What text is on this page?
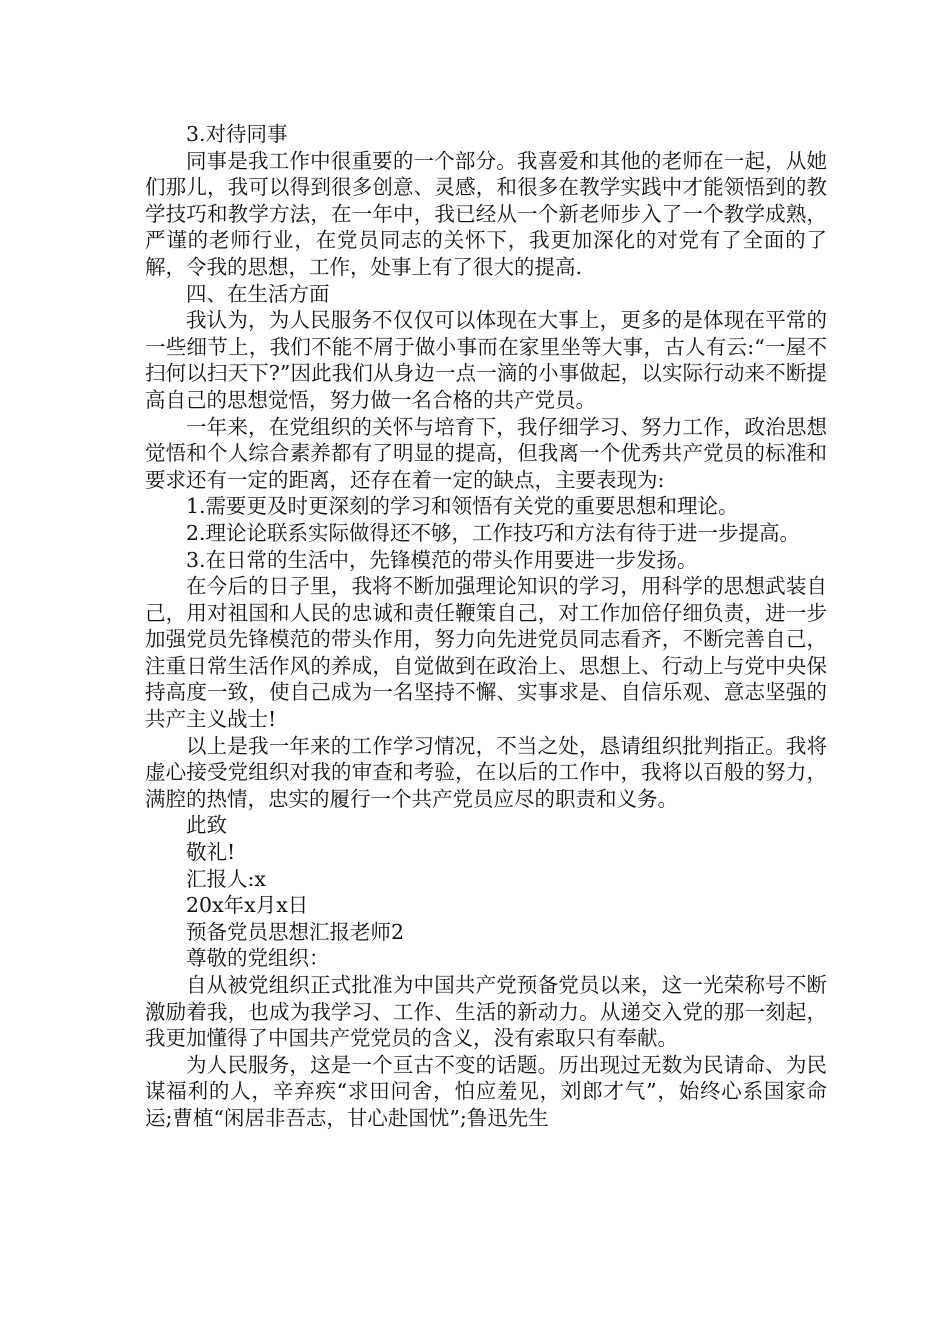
3.对待同事

同事是我工作中很重要的一个部分。我喜爱和其他的老师在一起，从她们那儿，我可以得到很多创意、灵感，和很多在教学实践中才能领悟到的教学技巧和教学方法，在一年中，我已经从一个新老师步入了一个教学成熟，严谨的老师行业，在党员同志的关怀下，我更加深化的对党有了全面的了解，令我的思想，工作，处事上有了很大的提高.

四、在生活方面

我认为，为人民服务不仅仅可以体现在大事上，更多的是体现在平常的一些细节上，我们不能不屑于做小事而在家里坐等大事，古人有云:“一屋不扫何以扫天下?”因此我们从身边一点一滴的小事做起，以实际行动来不断提高自己的思想觉悟，努力做一名合格的共产党员。

一年来，在党组织的关怀与培育下，我仔细学习、努力工作，政治思想觉悟和个人综合素养都有了明显的提高，但我离一个优秀共产党员的标准和要求还有一定的距离，还存在着一定的缺点，主要表现为:

1.需要更及时更深刻的学习和领悟有关党的重要思想和理论。

2.理论论联系实际做得还不够，工作技巧和方法有待于进一步提高。

3.在日常的生活中，先锋模范的带头作用要进一步发扬。

在今后的日子里，我将不断加强理论知识的学习，用科学的思想武装自己，用对祖国和人民的忠诚和责任鞭策自己，对工作加倍仔细负责，进一步加强党员先锋模范的带头作用，努力向先进党员同志看齐，不断完善自己，注重日常生活作风的养成，自觉做到在政治上、思想上、行动上与党中央保持高度一致，使自己成为一名坚持不懈、实事求是、自信乐观、意志坚强的共产主义战士!

以上是我一年来的工作学习情况，不当之处，恳请组织批判指正。我将虚心接受党组织对我的审查和考验，在以后的工作中，我将以百般的努力，满腔的热情，忠实的履行一个共产党员应尽的职责和义务。

此致

敬礼!

汇报人:x

20x年x月x日

预备党员思想汇报老师2

尊敬的党组织：

自从被党组织正式批准为中国共产党预备党员以来，这一光荣称号不断激励着我，也成为我学习、工作、生活的新动力。从递交入党的那一刻起，我更加懂得了中国共产党党员的含义，没有索取只有奉献。

为人民服务，这是一个亘古不变的话题。历出现过无数为民请命、为民谋福利的人，辛弃疾“求田问舍，怕应羞见，刘郎才气”，始终心系国家命运;曹植“闲居非吾志，甘心赴国忧”;鲁迅先生
